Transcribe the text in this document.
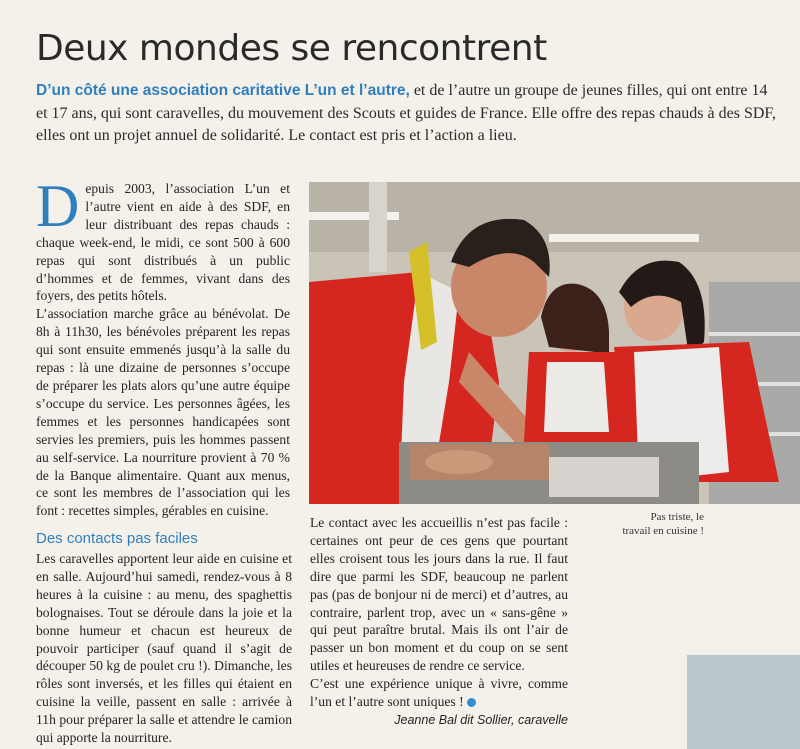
Deux mondes se rencontrent
D’un côté une association caritative L’un et l’autre, et de l’autre un groupe de jeunes filles, qui ont entre 14 et 17 ans, qui sont caravelles, du mouvement des Scouts et guides de France. Elle offre des repas chauds à des SDF, elles ont un projet annuel de solidarité. Le contact est pris et l’action a lieu.
D epuis 2003, l’association L’un et l’autre vient en aide à des SDF, en leur distribuant des repas chauds : chaque week-end, le midi, ce sont 500 à 600 repas qui sont distribués à un public d’hommes et de femmes, vivant dans des foyers, des petits hôtels.

L’association marche grâce au bénévolat. De 8h à 11h30, les bénévoles préparent les repas qui sont ensuite emmenés jusqu’à la salle du repas : là une dizaine de personnes s’occupe de préparer les plats alors qu’une autre équipe s’occupe du service. Les personnes âgées, les femmes et les personnes handicapées sont servies les premiers, puis les hommes passent au self-service. La nourriture provient à 70 % de la Banque alimentaire. Quant aux menus, ce sont les membres de l’association qui les font : recettes simples, gérables en cuisine.

Des contacts pas faciles

Les caravelles apportent leur aide en cuisine et en salle. Aujourd’hui samedi, rendez-vous à 8 heures à la cuisine : au menu, des spaghettis bolognaises. Tout se déroule dans la joie et la bonne humeur et chacun est heureux de pouvoir participer (sauf quand il s’agit de découper 50 kg de poulet cru !). Dimanche, les rôles sont inversés, et les filles qui étaient en cuisine la veille, passent en salle : arrivée à 11h pour préparer la salle et attendre le camion qui apporte la nourriture.

Pas triste, le travail en cuisine !

Le contact avec les accueillis n’est pas facile : certaines ont peur de ces gens que pourtant elles croisent tous les jours dans la rue. Il faut dire que parmi les SDF, beaucoup ne parlent pas (pas de bonjour ni de merci) et d’autres, au contraire, parlent trop, avec un « sans-gêne » qui peut paraître brutal. Mais ils ont l’air de passer un bon moment et du coup on se sent utiles et heureuses de rendre ce service.

C’est une expérience unique à vivre, comme l’un et l’autre sont uniques !

Jeanne Bal dit Sollier, caravelle
